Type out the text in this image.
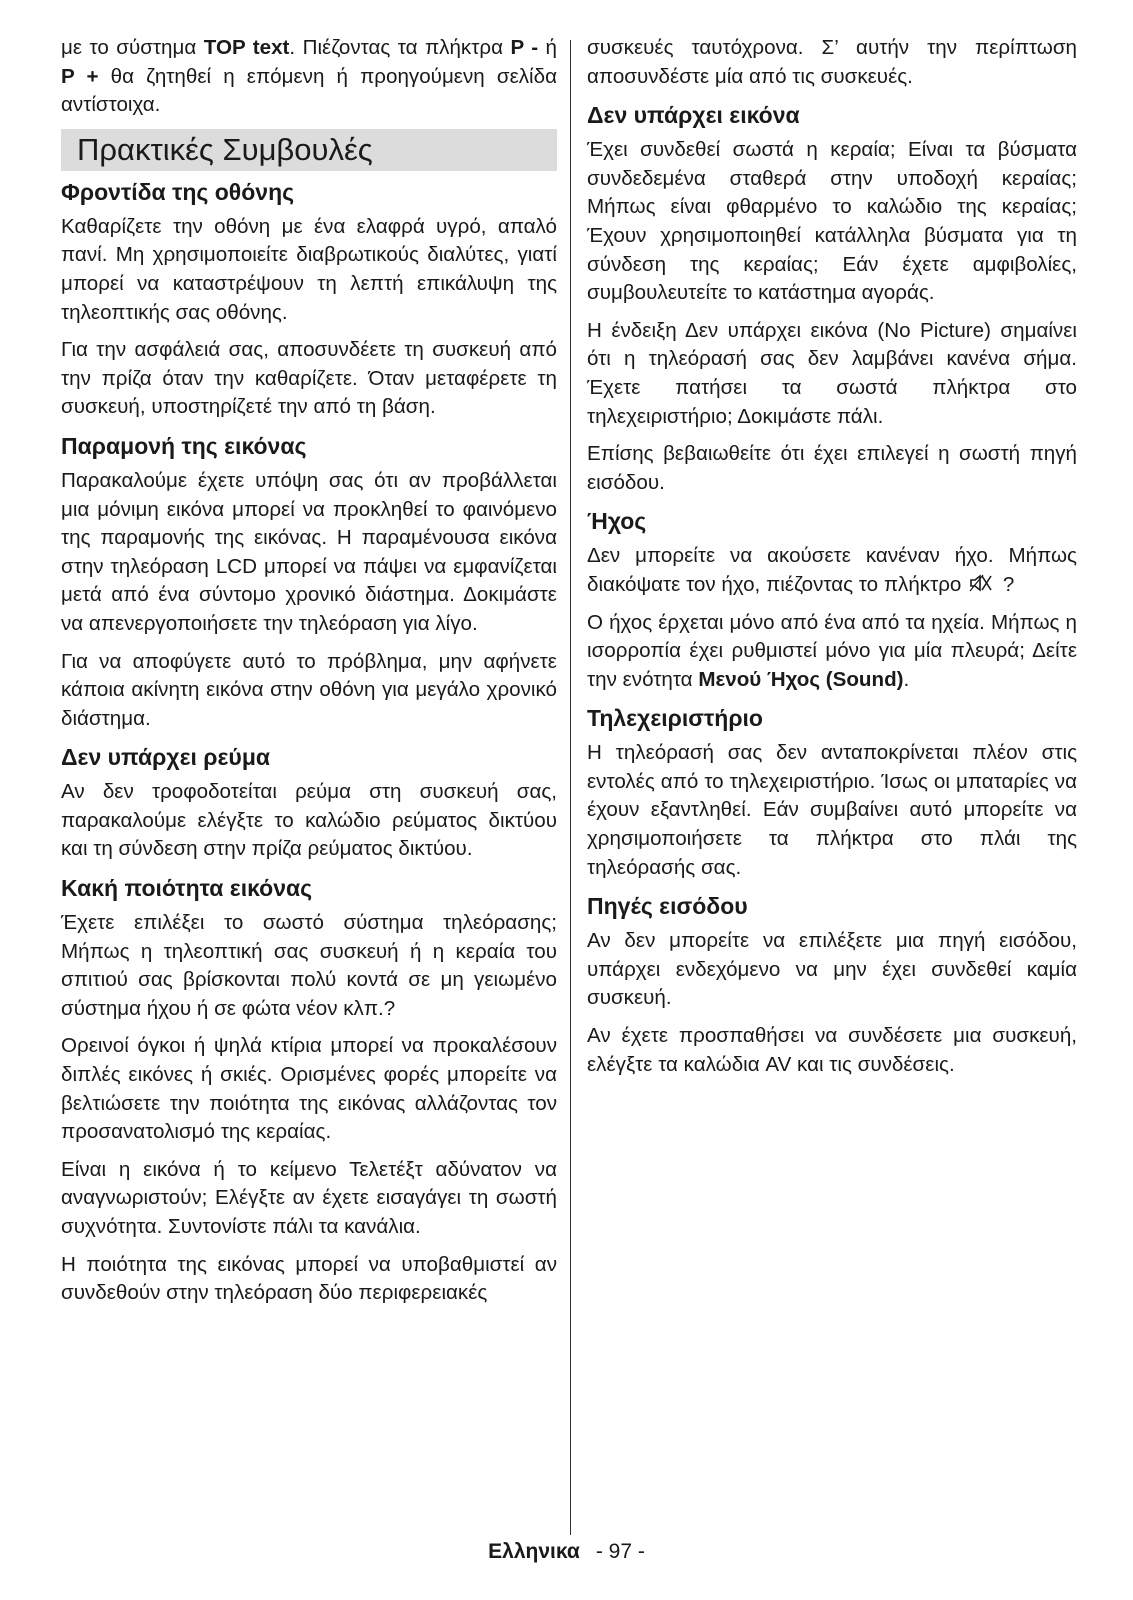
με το σύστημα TOP text. Πιέζοντας τα πλήκτρα P - ή P + θα ζητηθεί η επόμενη ή προηγούμενη σελίδα αντίστοιχα.

Πρακτικές Συμβουλές
Φροντίδα της οθόνης

Καθαρίζετε την οθόνη με ένα ελαφρά υγρό, απαλό πανί. Μη χρησιμοποιείτε διαβρωτικούς διαλύτες, γιατί μπορεί να καταστρέψουν τη λεπτή επικάλυψη της τηλεοπτικής σας οθόνης.

Για την ασφάλειά σας, αποσυνδέετε τη συσκευή από την πρίζα όταν την καθαρίζετε. Όταν μεταφέρετε τη συσκευή, υποστηρίζετέ την από τη βάση.

Παραμονή της εικόνας

Παρακαλούμε έχετε υπόψη σας ότι αν προβάλλεται μια μόνιμη εικόνα μπορεί να προκληθεί το φαινόμενο της παραμονής της εικόνας. Η παραμένουσα εικόνα στην τηλεόραση LCD μπορεί να πάψει να εμφανίζεται μετά από ένα σύντομο χρονικό διάστημα. Δοκιμάστε να απενεργοποιήσετε την τηλεόραση για λίγο.

Για να αποφύγετε αυτό το πρόβλημα, μην αφήνετε κάποια ακίνητη εικόνα στην οθόνη για μεγάλο χρονικό διάστημα.

Δεν υπάρχει ρεύμα

Αν δεν τροφοδοτείται ρεύμα στη συσκευή σας, παρακαλούμε ελέγξτε το καλώδιο ρεύματος δικτύου και τη σύνδεση στην πρίζα ρεύματος δικτύου.

Κακή ποιότητα εικόνας

Έχετε επιλέξει το σωστό σύστημα τηλεόρασης; Μήπως η τηλεοπτική σας συσκευή ή η κεραία του σπιτιού σας βρίσκονται πολύ κοντά σε μη γειωμένο σύστημα ήχου ή σε φώτα νέον κλπ.?

Ορεινοί όγκοι ή ψηλά κτίρια μπορεί να προκαλέσουν διπλές εικόνες ή σκιές. Ορισμένες φορές μπορείτε να βελτιώσετε την ποιότητα της εικόνας αλλάζοντας τον προσανατολισμό της κεραίας.

Είναι η εικόνα ή το κείμενο Τελετέξτ αδύνατον να αναγνωριστούν; Ελέγξτε αν έχετε εισαγάγει τη σωστή συχνότητα. Συντονίστε πάλι τα κανάλια.

Η ποιότητα της εικόνας μπορεί να υποβαθμιστεί αν συνδεθούν στην τηλεόραση δύο περιφερειακές

συσκευές ταυτόχρονα. Σ’ αυτήν την περίπτωση αποσυνδέστε μία από τις συσκευές.

Δεν υπάρχει εικόνα

Έχει συνδεθεί σωστά η κεραία; Είναι τα βύσματα συνδεδεμένα σταθερά στην υποδοχή κεραίας; Μήπως είναι φθαρμένο το καλώδιο της κεραίας; Έχουν χρησιμοποιηθεί κατάλληλα βύσματα για τη σύνδεση της κεραίας; Εάν έχετε αμφιβολίες, συμβουλευτείτε το κατάστημα αγοράς.

Η ένδειξη Δεν υπάρχει εικόνα (No Picture) σημαίνει ότι η τηλεόρασή σας δεν λαμβάνει κανένα σήμα. Έχετε πατήσει τα σωστά πλήκτρα στο τηλεχειριστήριο; Δοκιμάστε πάλι.

Επίσης βεβαιωθείτε ότι έχει επιλεγεί η σωστή πηγή εισόδου.

Ήχος

Δεν μπορείτε να ακούσετε κανέναν ήχο. Μήπως διακόψατε τον ήχο, πιέζοντας το πλήκτρο ?

Ο ήχος έρχεται μόνο από ένα από τα ηχεία. Μήπως η ισορροπία έχει ρυθμιστεί μόνο για μία πλευρά; Δείτε την ενότητα Μενού Ήχος (Sound).

Τηλεχειριστήριο

Η τηλεόρασή σας δεν ανταποκρίνεται πλέον στις εντολές από το τηλεχειριστήριο. Ίσως οι μπαταρίες να έχουν εξαντληθεί. Εάν συμβαίνει αυτό μπορείτε να χρησιμοποιήσετε τα πλήκτρα στο πλάι της τηλεόρασής σας.

Πηγές εισόδου

Αν δεν μπορείτε να επιλέξετε μια πηγή εισόδου, υπάρχει ενδεχόμενο να μην έχει συνδεθεί καμία συσκευή.

Αν έχετε προσπαθήσει να συνδέσετε μια συσκευή, ελέγξτε τα καλώδια AV και τις συνδέσεις.

Ελληνικα - 97 -
